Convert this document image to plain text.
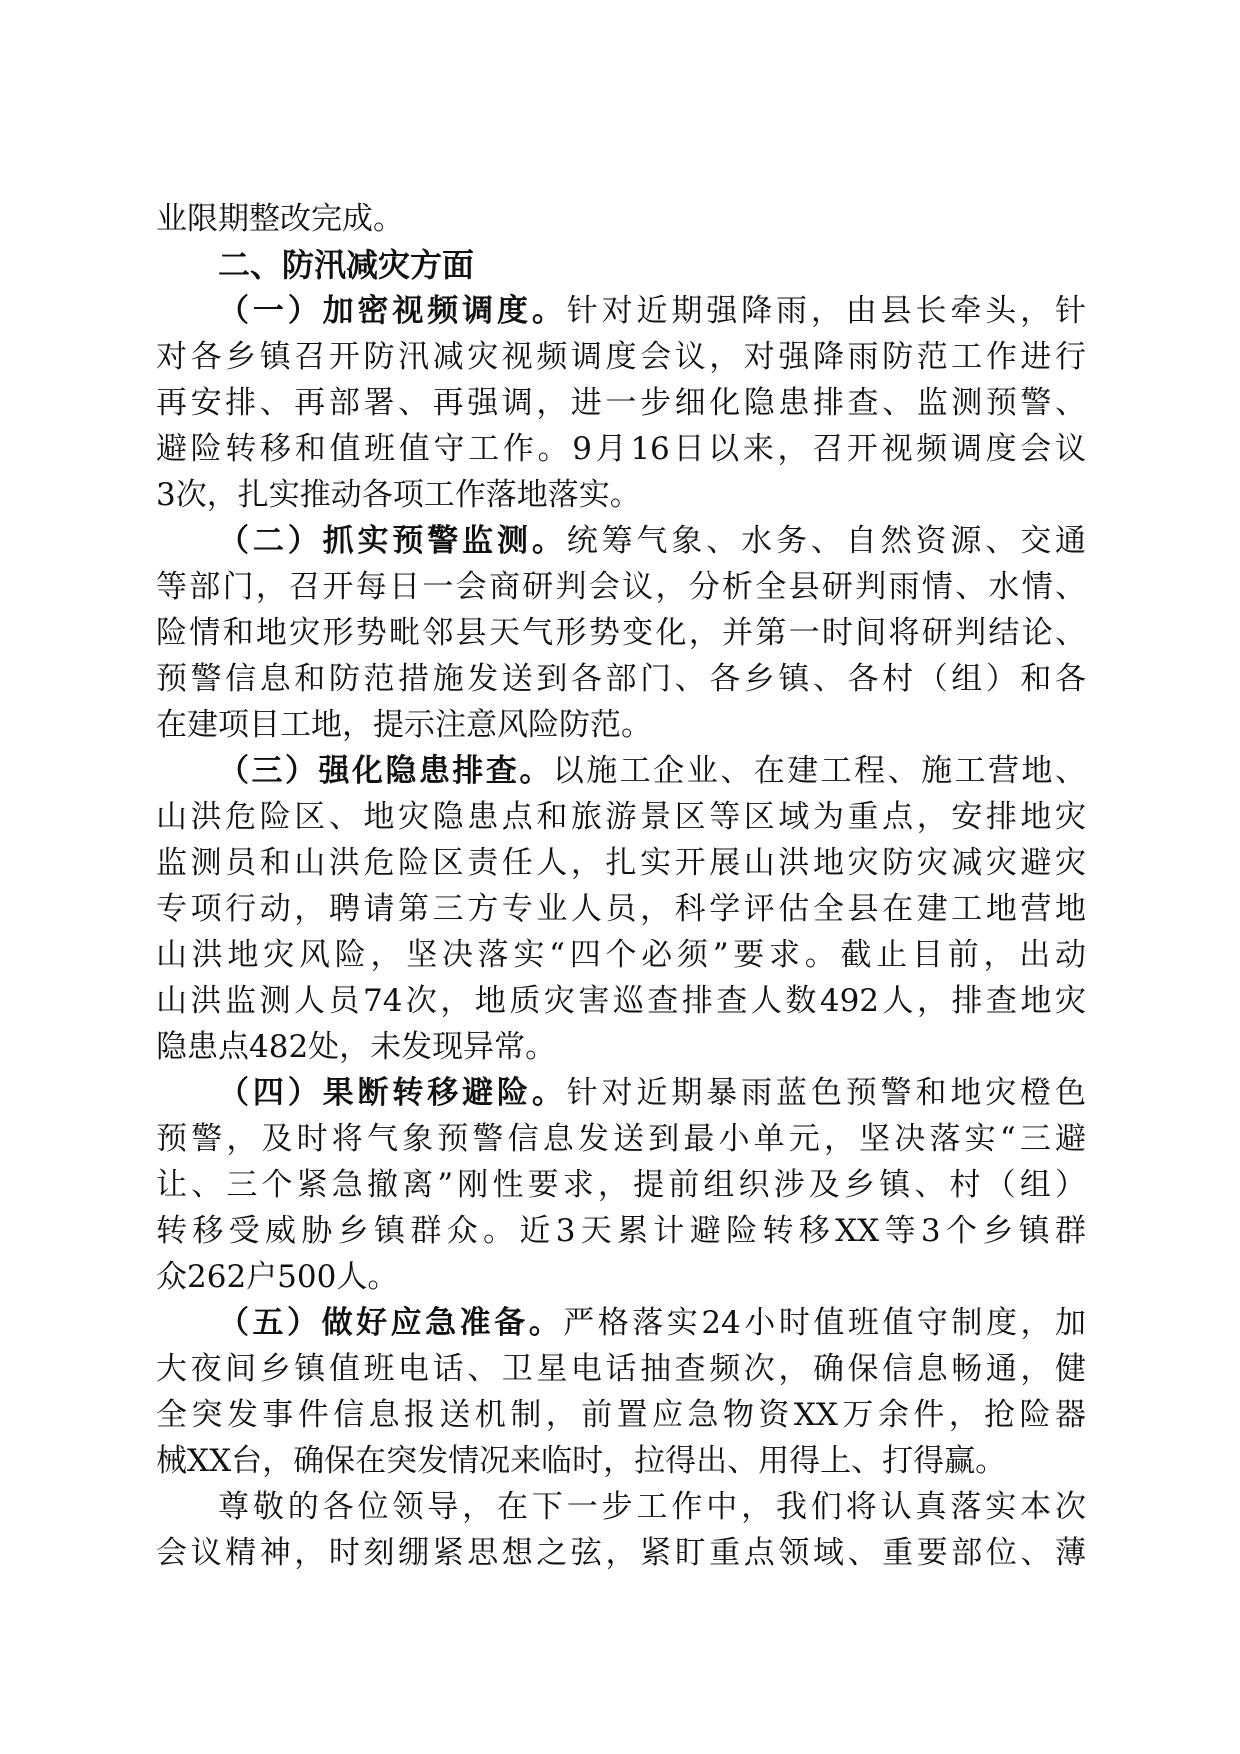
业限期整改完成。
二、防汛减灾方面
（一）加密视频调度。针对近期强降雨，由县长牵头，针
对各乡镇召开防汛减灾视频调度会议，对强降雨防范工作进行
再安排、再部署、再强调，进一步细化隐患排查、监测预警、
避险转移和值班值守工作。9月16日以来，召开视频调度会议
3次，扎实推动各项工作落地落实。
（二）抓实预警监测。统筹气象、水务、自然资源、交通
等部门，召开每日一会商研判会议，分析全县研判雨情、水情、
险情和地灾形势毗邻县天气形势变化，并第一时间将研判结论、
预警信息和防范措施发送到各部门、各乡镇、各村（组）和各
在建项目工地，提示注意风险防范。
（三）强化隐患排查。以施工企业、在建工程、施工营地、
山洪危险区、地灾隐患点和旅游景区等区域为重点，安排地灾
监测员和山洪危险区责任人，扎实开展山洪地灾防灾减灾避灾
专项行动，聘请第三方专业人员，科学评估全县在建工地营地
山洪地灾风险，坚决落实“四个必须”要求。截止目前，出动
山洪监测人员74次，地质灾害巡查排查人数492人，排查地灾
隐患点482处，未发现异常。
（四）果断转移避险。针对近期暴雨蓝色预警和地灾橙色
预警，及时将气象预警信息发送到最小单元，坚决落实“三避
让、三个紧急撤离”刚性要求，提前组织涉及乡镇、村（组）
转移受威胁乡镇群众。近3天累计避险转移XX等3个乡镇群
众262户500人。
（五）做好应急准备。严格落实24小时值班值守制度，加
大夜间乡镇值班电话、卫星电话抽查频次，确保信息畅通，健
全突发事件信息报送机制，前置应急物资XX万余件，抢险器
械XX台，确保在突发情况来临时，拉得出、用得上、打得赢。
尊敬的各位领导，在下一步工作中，我们将认真落实本次
会议精神，时刻绷紧思想之弦，紧盯重点领域、重要部位、薄
